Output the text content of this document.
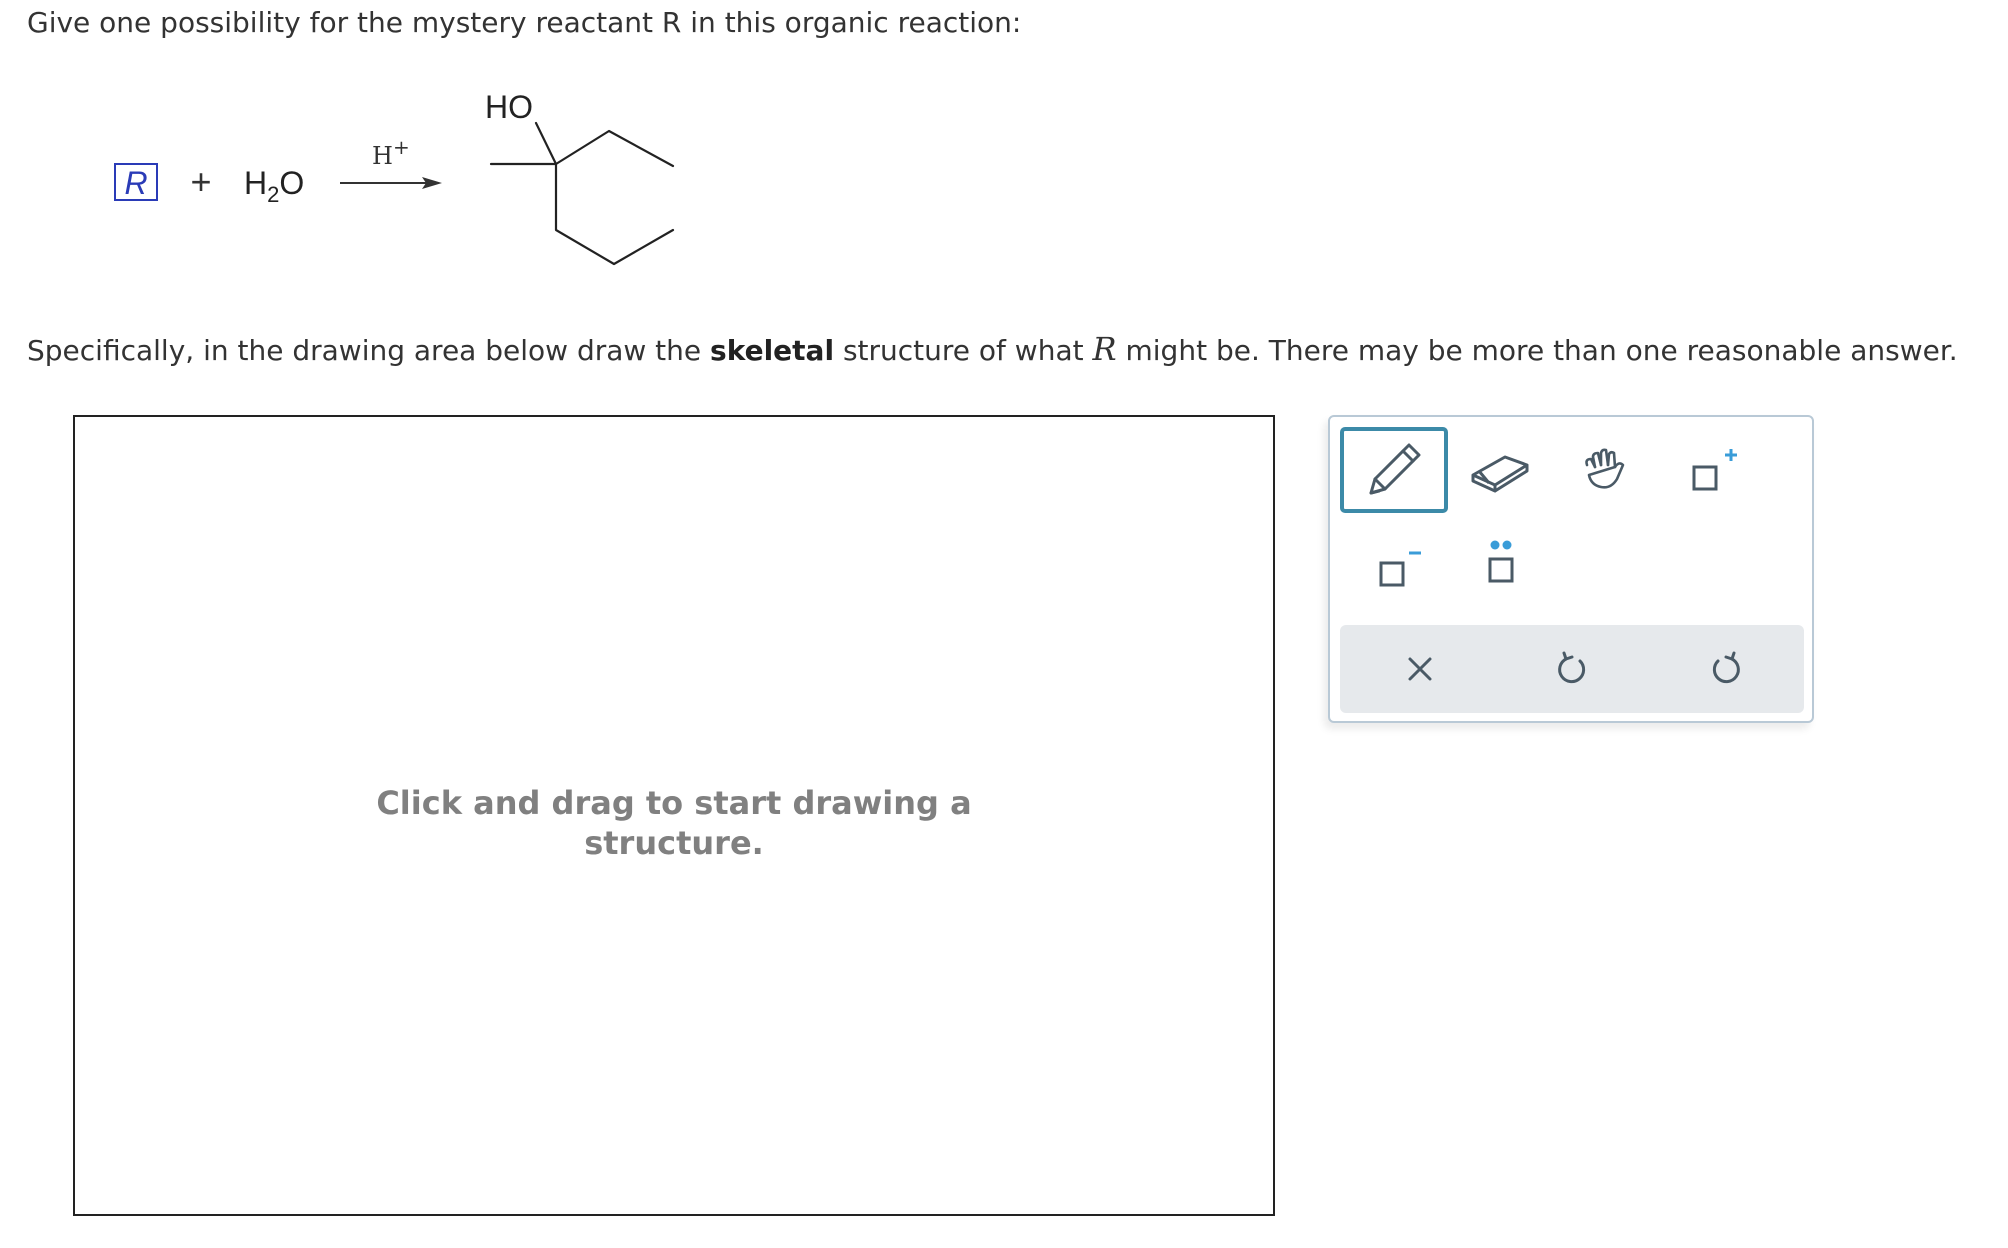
Give one possibility for the mystery reactant R in this organic reaction:
$R + H_2O$
H+
HO
Specifically, in the drawing area below draw the skeletal structure of what R might be. There may be more than one reasonable answer.
Click and drag to start drawing a
structure.
